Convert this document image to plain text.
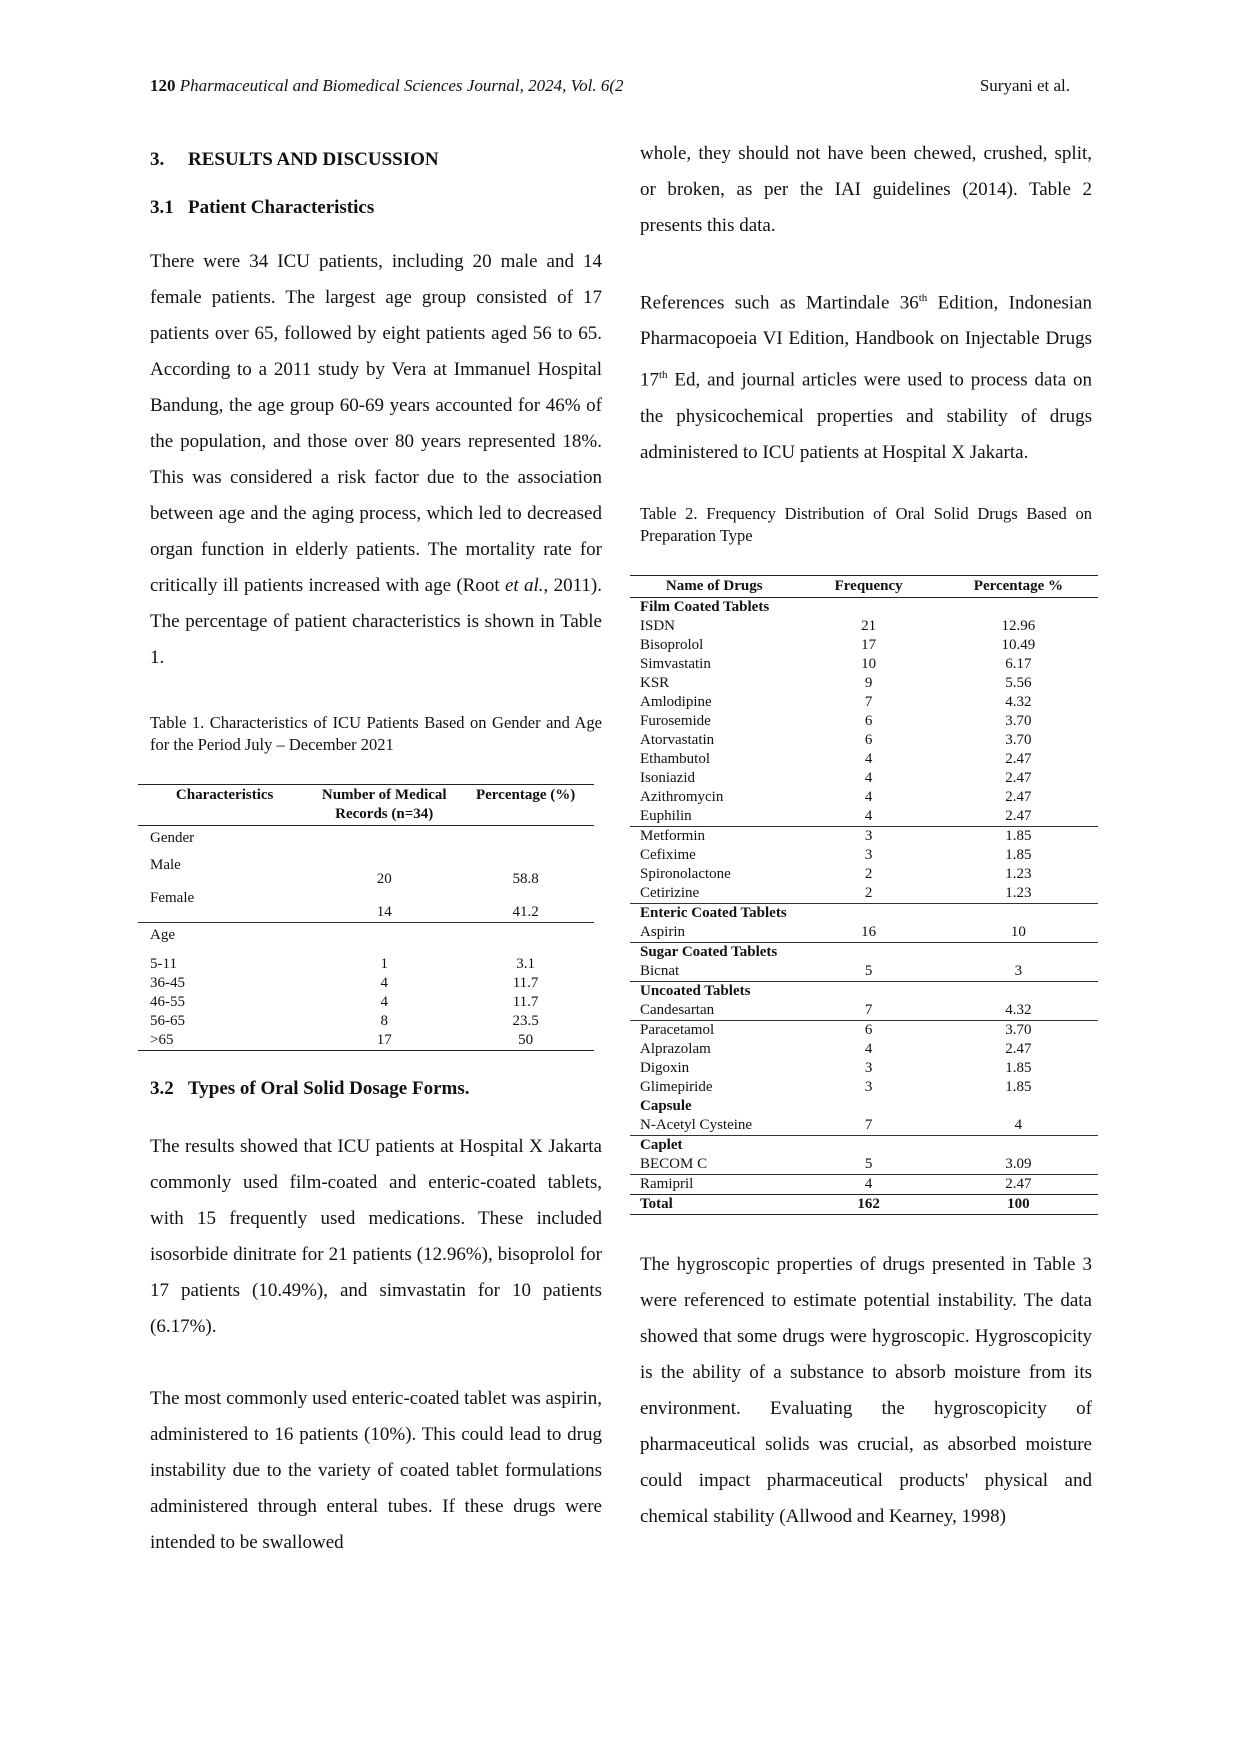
120 Pharmaceutical and Biomedical Sciences Journal, 2024, Vol. 6(2	Suryani et al.
3. RESULTS AND DISCUSSION
3.1 Patient Characteristics

There were 34 ICU patients, including 20 male and 14 female patients. The largest age group consisted of 17 patients over 65, followed by eight patients aged 56 to 65. According to a 2011 study by Vera at Immanuel Hospital Bandung, the age group 60-69 years accounted for 46% of the population, and those over 80 years represented 18%. This was considered a risk factor due to the association between age and the aging process, which led to decreased organ function in elderly patients. The mortality rate for critically ill patients increased with age (Root et al., 2011). The percentage of patient characteristics is shown in Table 1.

Table 1. Characteristics of ICU Patients Based on Gender and Age for the Period July – December 2021

Characteristics	Number of Medical Records (n=34)	Percentage (%)
Gender		
Male	20	58.8
Female	14	41.2
Age		
5-11	1	3.1
36-45	4	11.7
46-55	4	11.7
56-65	8	23.5
>65	17	50
3.2 Types of Oral Solid Dosage Forms.

The results showed that ICU patients at Hospital X Jakarta commonly used film-coated and enteric-coated tablets, with 15 frequently used medications. These included isosorbide dinitrate for 21 patients (12.96%), bisoprolol for 17 patients (10.49%), and simvastatin for 10 patients (6.17%).

The most commonly used enteric-coated tablet was aspirin, administered to 16 patients (10%). This could lead to drug instability due to the variety of coated tablet formulations administered through enteral tubes. If these drugs were intended to be swallowed

whole, they should not have been chewed, crushed, split, or broken, as per the IAI guidelines (2014). Table 2 presents this data.

References such as Martindale 36th Edition, Indonesian Pharmacopoeia VI Edition, Handbook on Injectable Drugs 17th Ed, and journal articles were used to process data on the physicochemical properties and stability of drugs administered to ICU patients at Hospital X Jakarta.

Table 2. Frequency Distribution of Oral Solid Drugs Based on Preparation Type

Name of Drugs	Frequency	Percentage %
Film Coated Tablets		
ISDN	21	12.96
Bisoprolol	17	10.49
Simvastatin	10	6.17
KSR	9	5.56
Amlodipine	7	4.32
Furosemide	6	3.70
Atorvastatin	6	3.70
Ethambutol	4	2.47
Isoniazid	4	2.47
Azithromycin	4	2.47
Euphilin	4	2.47
Metformin	3	1.85
Cefixime	3	1.85
Spironolactone	2	1.23
Cetirizine	2	1.23
Enteric Coated Tablets		
Aspirin	16	10
Sugar Coated Tablets		
Bicnat	5	3
Uncoated Tablets		
Candesartan	7	4.32
Paracetamol	6	3.70
Alprazolam	4	2.47
Digoxin	3	1.85
Glimepiride	3	1.85
Capsule		
N-Acetyl Cysteine	7	4
Caplet		
BECOM C	5	3.09
Ramipril	4	2.47
Total	162	100

The hygroscopic properties of drugs presented in Table 3 were referenced to estimate potential instability. The data showed that some drugs were hygroscopic. Hygroscopicity is the ability of a substance to absorb moisture from its environment. Evaluating the hygroscopicity of pharmaceutical solids was crucial, as absorbed moisture could impact pharmaceutical products' physical and chemical stability (Allwood and Kearney, 1998)
